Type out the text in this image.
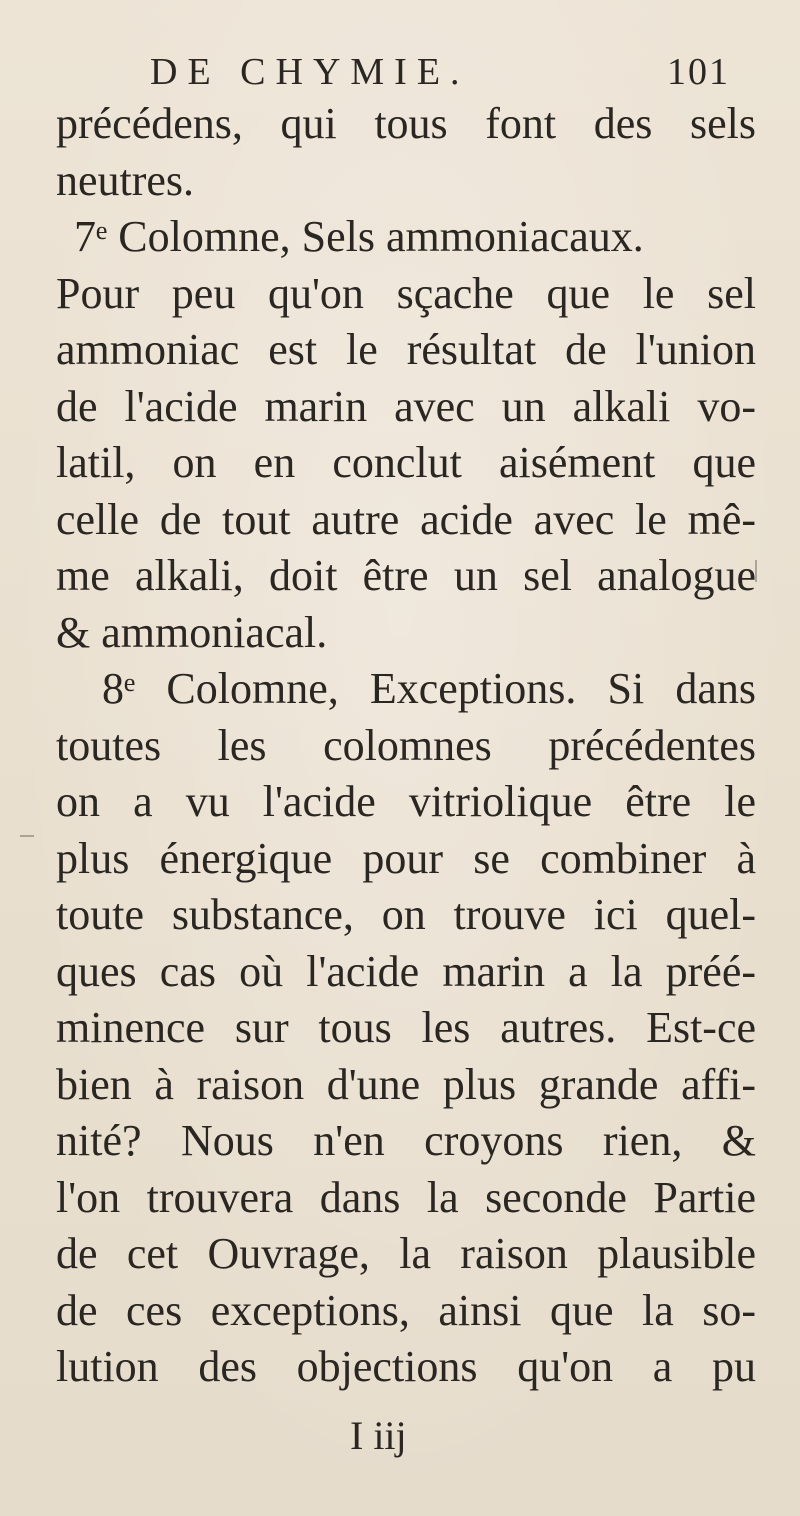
DE CHYMIE.	101
précédens, qui tous font des sels
neutres.
7ᵉ Colomne, Sels ammoniacaux.
Pour peu qu'on sçache que le sel
ammoniac est le résultat de l'union
de l'acide marin avec un alkali vo-
latil, on en conclut aisément que
celle de tout autre acide avec le mê-
me alkali, doit être un sel analogue
& ammoniacal.
8ᵉ Colomne, Exceptions. Si dans
toutes les colomnes précédentes
on a vu l'acide vitriolique être le
plus énergique pour se combiner à
toute substance, on trouve ici quel-
ques cas où l'acide marin a la préé-
minence sur tous les autres. Est-ce
bien à raison d'une plus grande affi-
nité? Nous n'en croyons rien, &
l'on trouvera dans la seconde Partie
de cet Ouvrage, la raison plausible
de ces exceptions, ainsi que la so-
lution des objections qu'on a pu
I iij
